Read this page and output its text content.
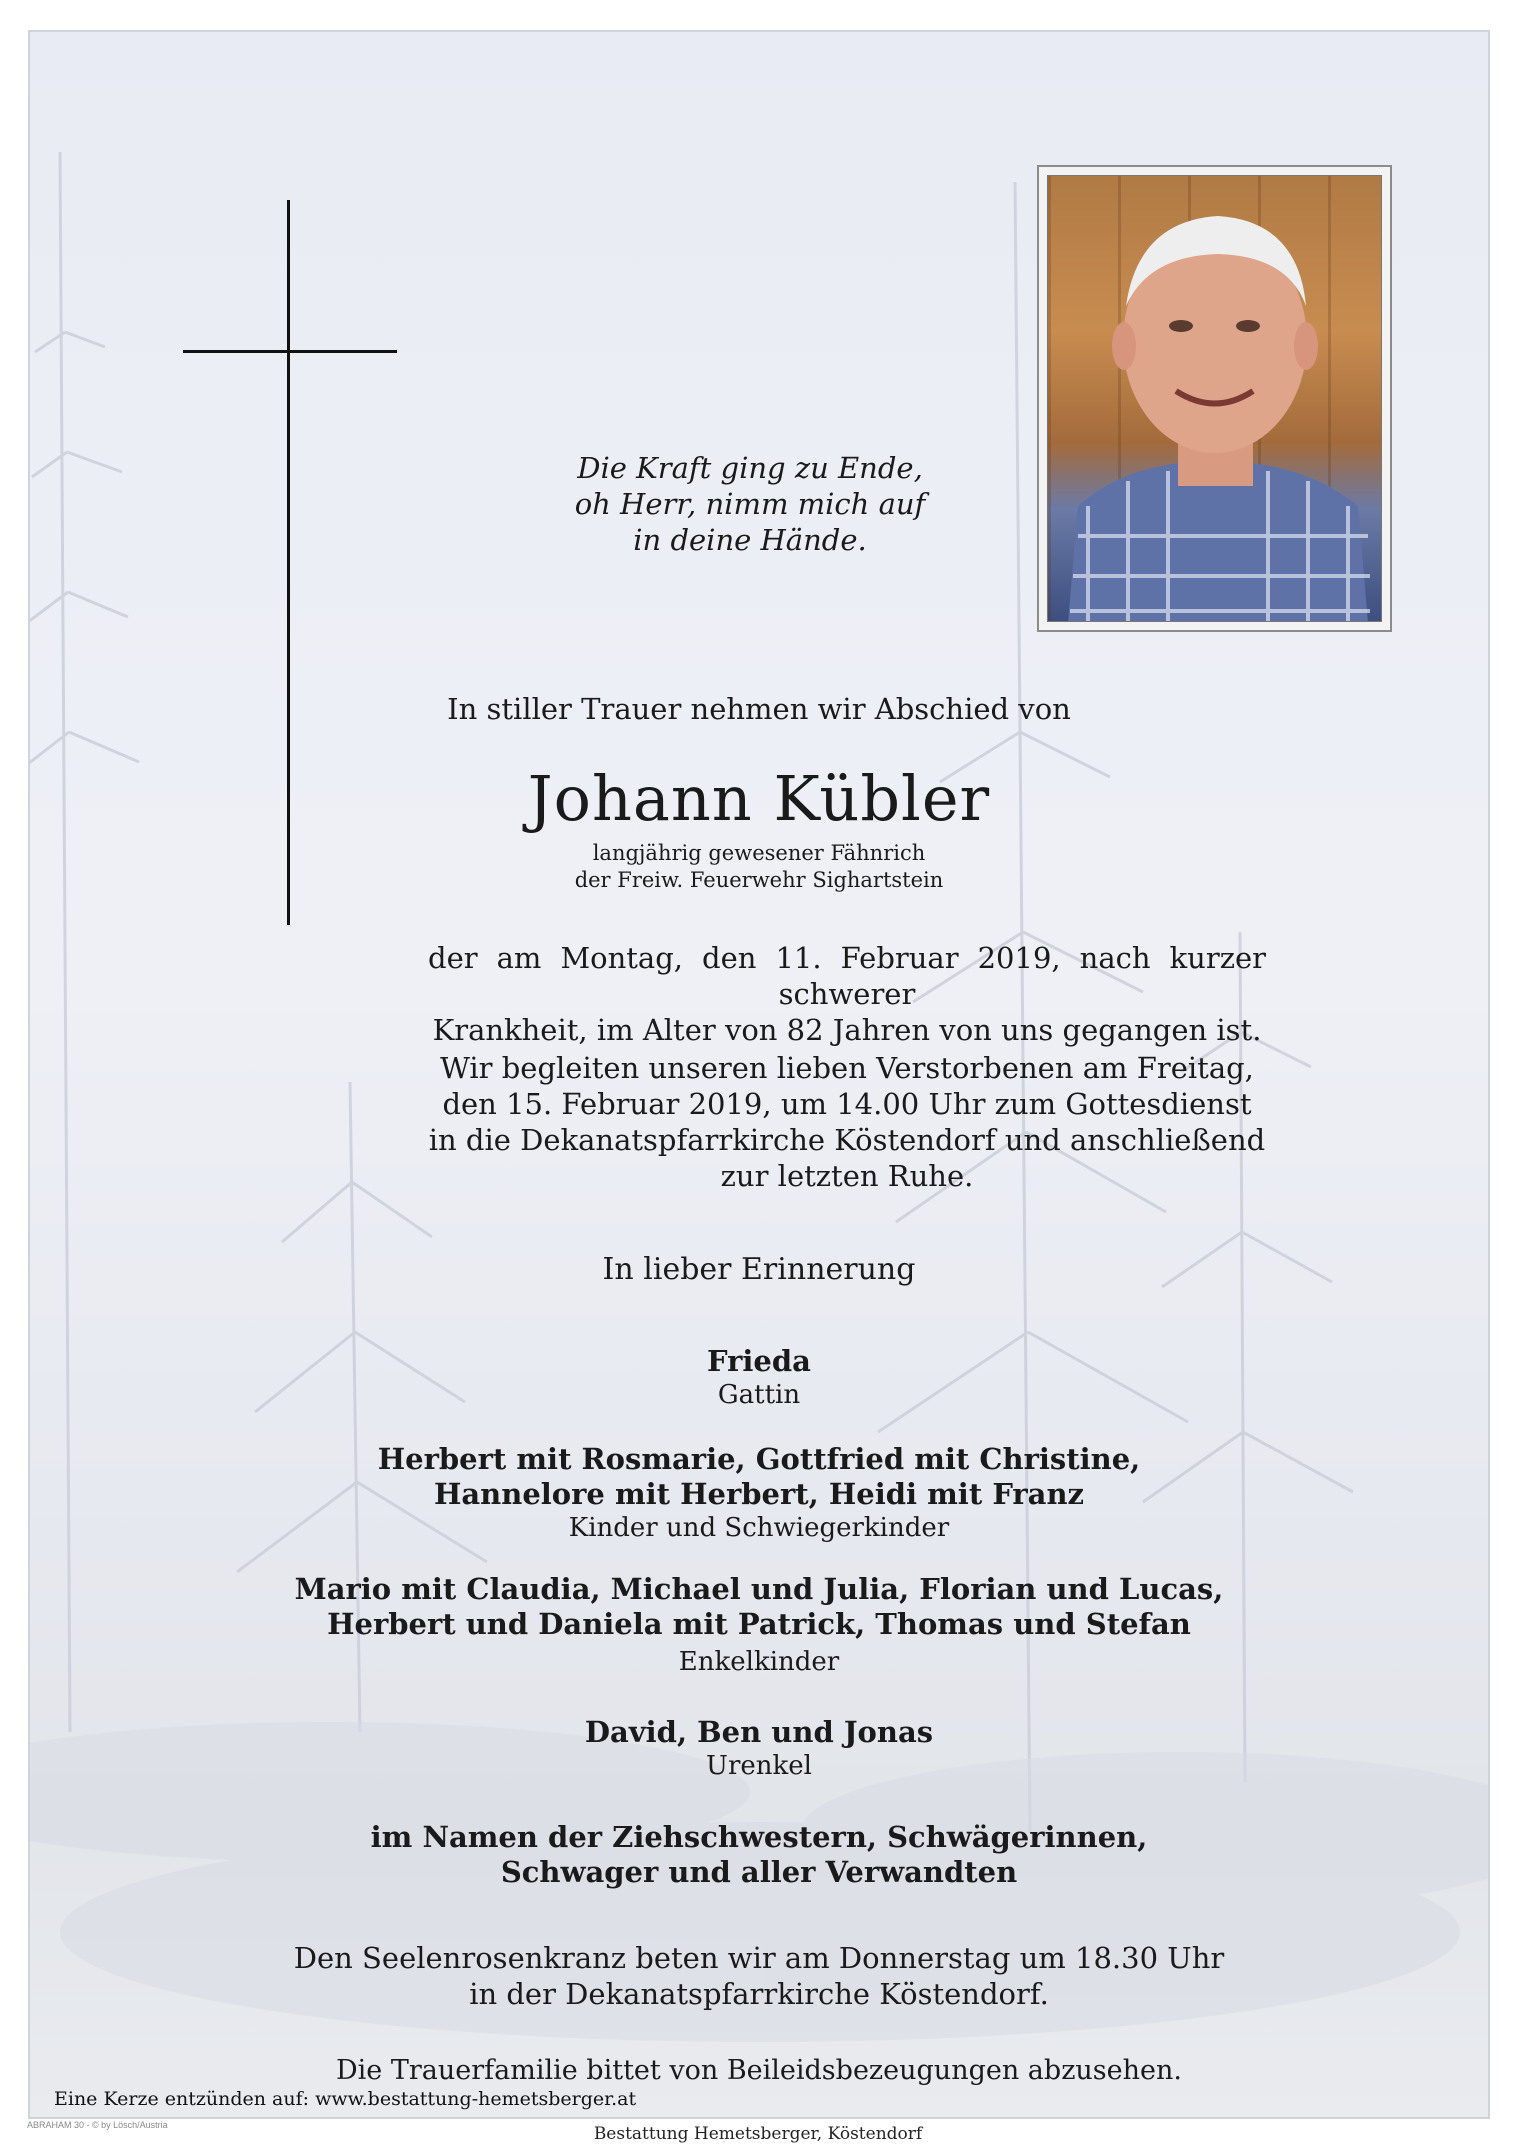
Die Kraft ging zu Ende,
oh Herr, nimm mich auf
in deine Hände.
In stiller Trauer nehmen wir Abschied von
Johann Kübler
langjährig gewesener Fähnrich
der Freiw. Feuerwehr Sighartstein
der am Montag, den 11. Februar 2019, nach kurzer schwerer
Krankheit, im Alter von 82 Jahren von uns gegangen ist.
Wir begleiten unseren lieben Verstorbenen am Freitag,
den 15. Februar 2019, um 14.00 Uhr zum Gottesdienst
in die Dekanatspfarrkirche Köstendorf und anschließend
zur letzten Ruhe.
In lieber Erinnerung
Frieda
Gattin
Herbert mit Rosmarie, Gottfried mit Christine,
Hannelore mit Herbert, Heidi mit Franz
Kinder und Schwiegerkinder
Mario mit Claudia, Michael und Julia, Florian und Lucas,
Herbert und Daniela mit Patrick, Thomas und Stefan
Enkelkinder
David, Ben und Jonas
Urenkel
im Namen der Ziehschwestern, Schwägerinnen,
Schwager und aller Verwandten
Den Seelenrosenkranz beten wir am Donnerstag um 18.30 Uhr
in der Dekanatspfarrkirche Köstendorf.
Die Trauerfamilie bittet von Beileidsbezeugungen abzusehen.
Eine Kerze entzünden auf: www.bestattung-hemetsberger.at
ABRAHAM 30 - © by Lösch/Austria	Bestattung Hemetsberger, Köstendorf
